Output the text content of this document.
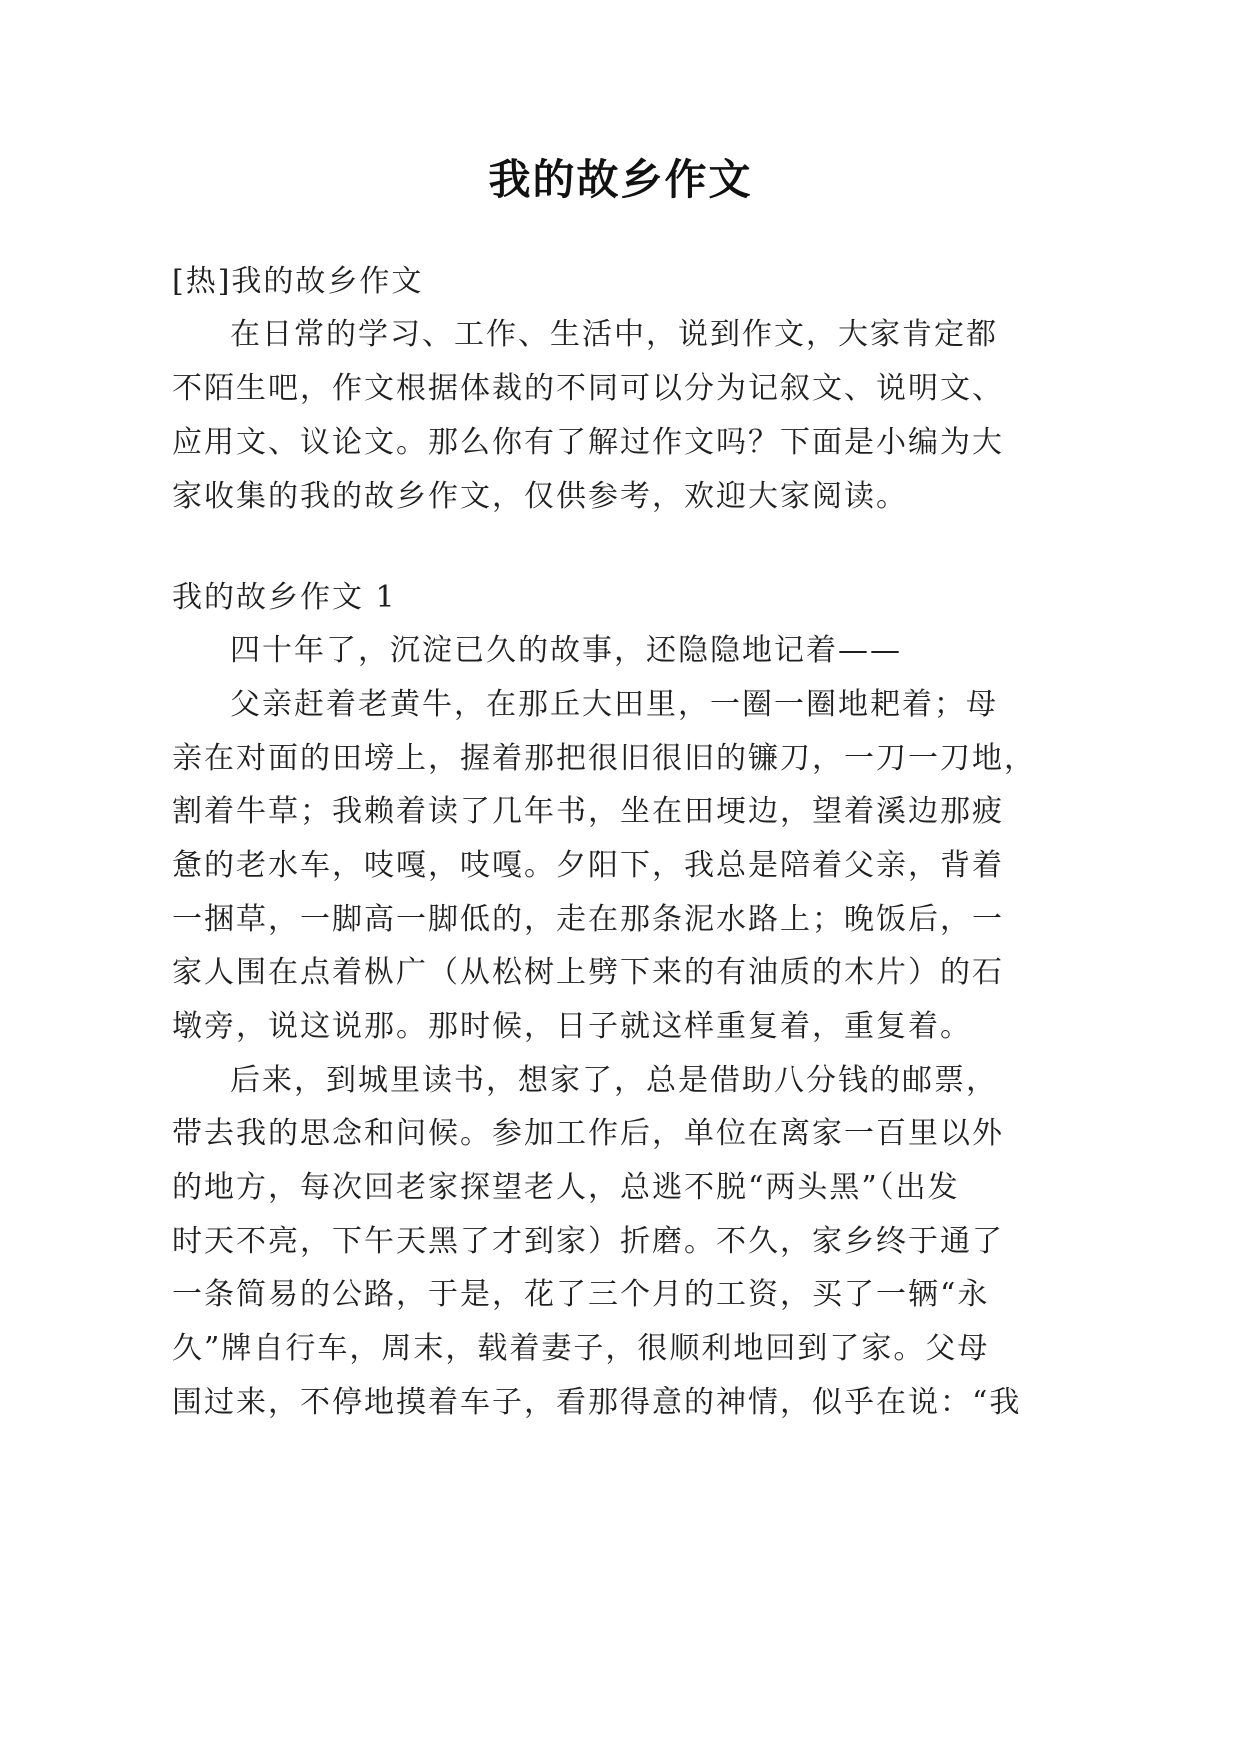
我的故乡作文
[热]我的故乡作文
在日常的学习、工作、生活中，说到作文，大家肯定都
不陌生吧，作文根据体裁的不同可以分为记叙文、说明文、
应用文、议论文。那么你有了解过作文吗？下面是小编为大
家收集的我的故乡作文，仅供参考，欢迎大家阅读。
我的故乡作文 1
四十年了，沉淀已久的故事，还隐隐地记着——
父亲赶着老黄牛，在那丘大田里，一圈一圈地耙着；母
亲在对面的田塝上，握着那把很旧很旧的镰刀，一刀一刀地，
割着牛草；我赖着读了几年书，坐在田埂边，望着溪边那疲
惫的老水车，吱嘎，吱嘎。夕阳下，我总是陪着父亲，背着
一捆草，一脚高一脚低的，走在那条泥水路上；晚饭后，一
家人围在点着枞广（从松树上劈下来的有油质的木片）的石
墩旁，说这说那。那时候，日子就这样重复着，重复着。
后来，到城里读书，想家了，总是借助八分钱的邮票，
带去我的思念和问候。参加工作后，单位在离家一百里以外
的地方，每次回老家探望老人，总逃不脱“两头黑”（出发
时天不亮，下午天黑了才到家）折磨。不久，家乡终于通了
一条简易的公路，于是，花了三个月的工资，买了一辆“永
久”牌自行车，周末，载着妻子，很顺利地回到了家。父母
围过来，不停地摸着车子，看那得意的神情，似乎在说：“我
